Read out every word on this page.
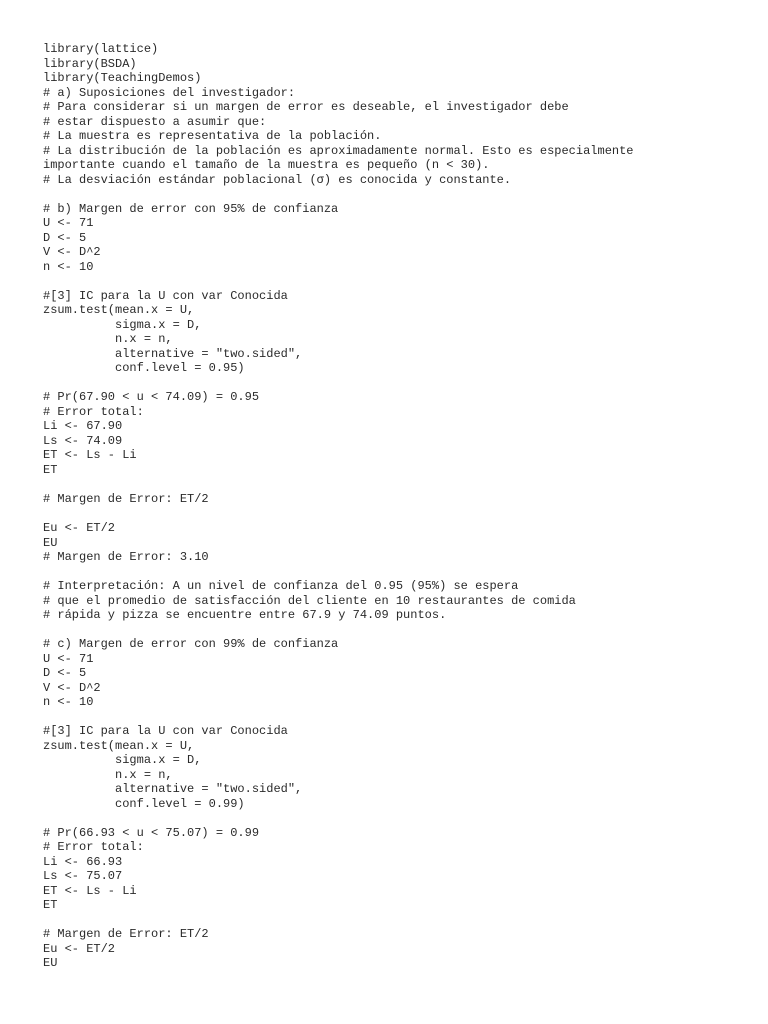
library(lattice)
library(BSDA)
library(TeachingDemos)
# a) Suposiciones del investigador:
# Para considerar si un margen de error es deseable, el investigador debe
# estar dispuesto a asumir que:
# La muestra es representativa de la población.
# La distribución de la población es aproximadamente normal. Esto es especialmente
importante cuando el tamaño de la muestra es pequeño (n < 30).
# La desviación estándar poblacional (σ) es conocida y constante.
# b) Margen de error con 95% de confianza
U <- 71
D <- 5
V <- D^2
n <- 10
#[3] IC para la U con var Conocida
zsum.test(mean.x = U,
sigma.x = D,
n.x = n,
alternative = "two.sided",
conf.level = 0.95)
# Pr(67.90 < u < 74.09) = 0.95
# Error total:
Li <- 67.90
Ls <- 74.09
ET <- Ls - Li
ET
# Margen de Error: ET/2
Eu <- ET/2
EU
# Margen de Error: 3.10
# Interpretación: A un nivel de confianza del 0.95 (95%) se espera
# que el promedio de satisfacción del cliente en 10 restaurantes de comida
# rápida y pizza se encuentre entre 67.9 y 74.09 puntos.
# c) Margen de error con 99% de confianza
U <- 71
D <- 5
V <- D^2
n <- 10
#[3] IC para la U con var Conocida
zsum.test(mean.x = U,
sigma.x = D,
n.x = n,
alternative = "two.sided",
conf.level = 0.99)
# Pr(66.93 < u < 75.07) = 0.99
# Error total:
Li <- 66.93
Ls <- 75.07
ET <- Ls - Li
ET
# Margen de Error: ET/2
Eu <- ET/2
EU
